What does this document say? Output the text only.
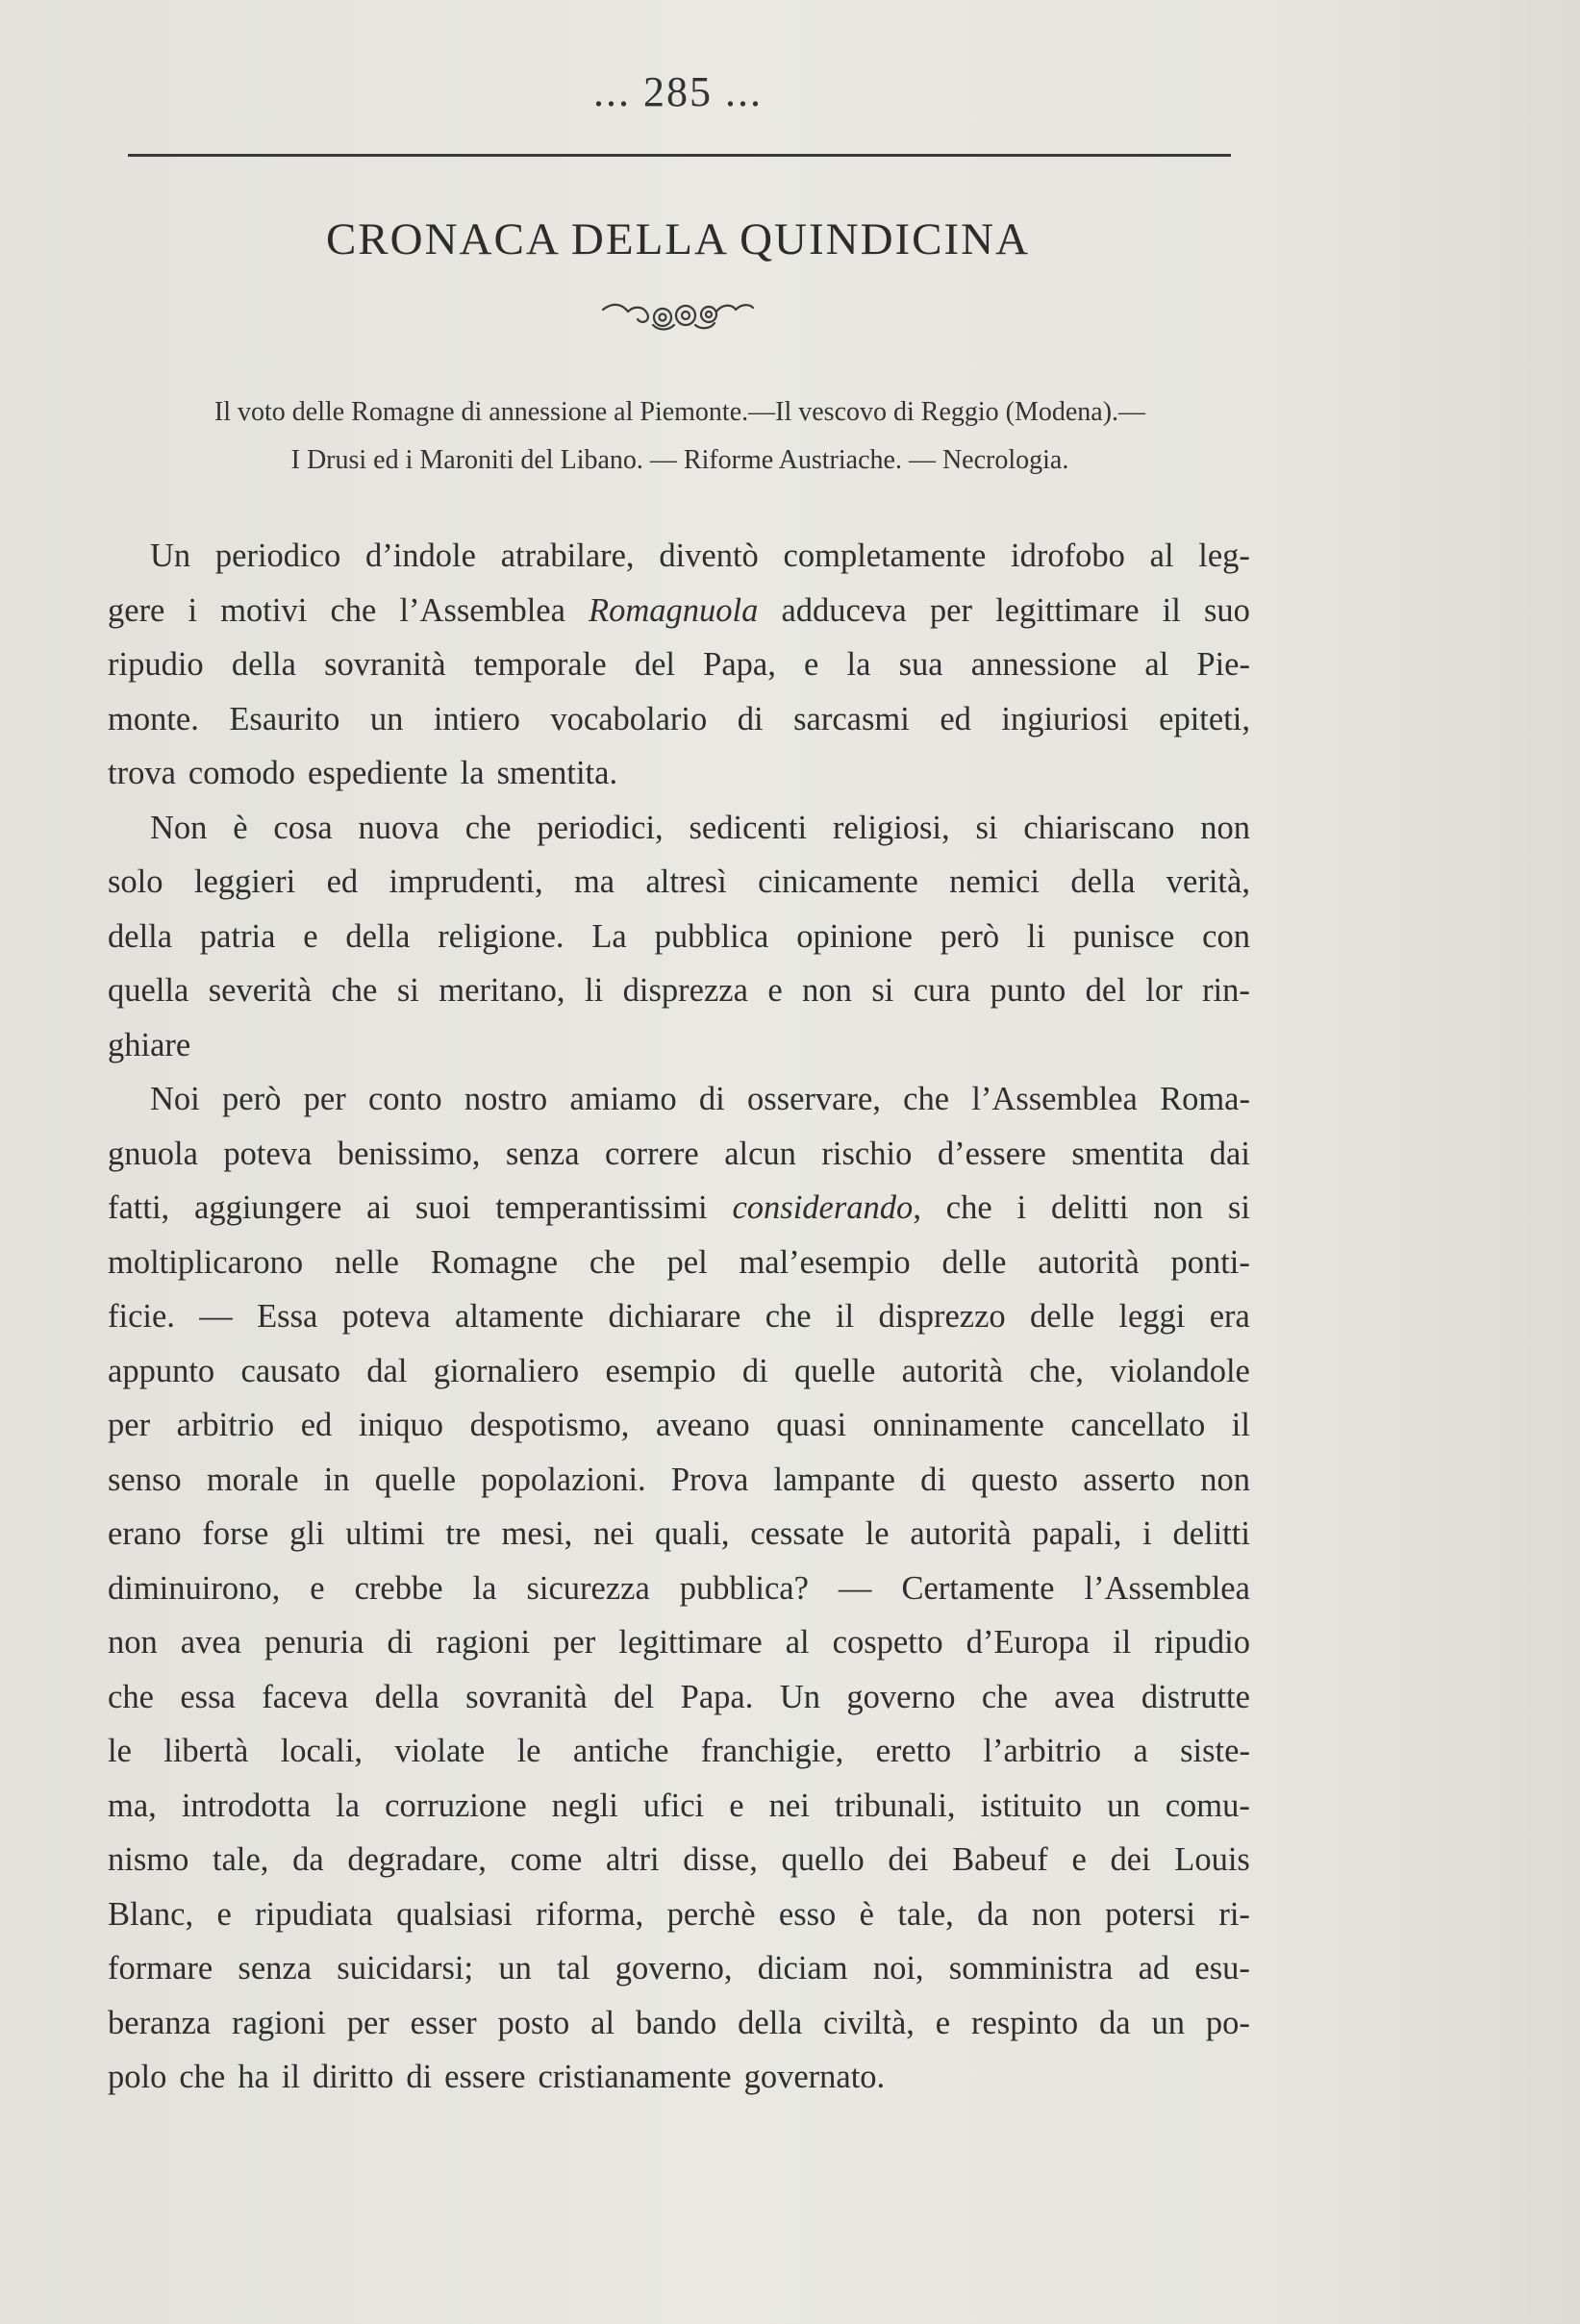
... 285 ...
CRONACA DELLA QUINDICINA
Il voto delle Romagne di annessione al Piemonte.—Il vescovo di Reggio (Modena).—
I Drusi ed i Maroniti del Libano. — Riforme Austriache. — Necrologia.
Un periodico d’indole atrabilare, diventò completamente idrofobo al leg-
gere i motivi che l’Assemblea Romagnuola adduceva per legittimare il suo
ripudio della sovranità temporale del Papa, e la sua annessione al Pie-
monte. Esaurito un intiero vocabolario di sarcasmi ed ingiuriosi epiteti,
trova comodo espediente la smentita.
Non è cosa nuova che periodici, sedicenti religiosi, si chiariscano non
solo leggieri ed imprudenti, ma altresì cinicamente nemici della verità,
della patria e della religione. La pubblica opinione però li punisce con
quella severità che si meritano, li disprezza e non si cura punto del lor rin-
ghiare
Noi però per conto nostro amiamo di osservare, che l’Assemblea Roma-
gnuola poteva benissimo, senza correre alcun rischio d’essere smentita dai
fatti, aggiungere ai suoi temperantissimi considerando, che i delitti non si
moltiplicarono nelle Romagne che pel mal’esempio delle autorità ponti-
ficie. — Essa poteva altamente dichiarare che il disprezzo delle leggi era
appunto causato dal giornaliero esempio di quelle autorità che, violandole
per arbitrio ed iniquo despotismo, aveano quasi onninamente cancellato il
senso morale in quelle popolazioni. Prova lampante di questo asserto non
erano forse gli ultimi tre mesi, nei quali, cessate le autorità papali, i delitti
diminuirono, e crebbe la sicurezza pubblica? — Certamente l’Assemblea
non avea penuria di ragioni per legittimare al cospetto d’Europa il ripudio
che essa faceva della sovranità del Papa. Un governo che avea distrutte
le libertà locali, violate le antiche franchigie, eretto l’arbitrio a siste-
ma, introdotta la corruzione negli ufici e nei tribunali, istituito un comu-
nismo tale, da degradare, come altri disse, quello dei Babeuf e dei Louis
Blanc, e ripudiata qualsiasi riforma, perchè esso è tale, da non potersi ri-
formare senza suicidarsi; un tal governo, diciam noi, somministra ad esu-
beranza ragioni per esser posto al bando della civiltà, e respinto da un po-
polo che ha il diritto di essere cristianamente governato.
